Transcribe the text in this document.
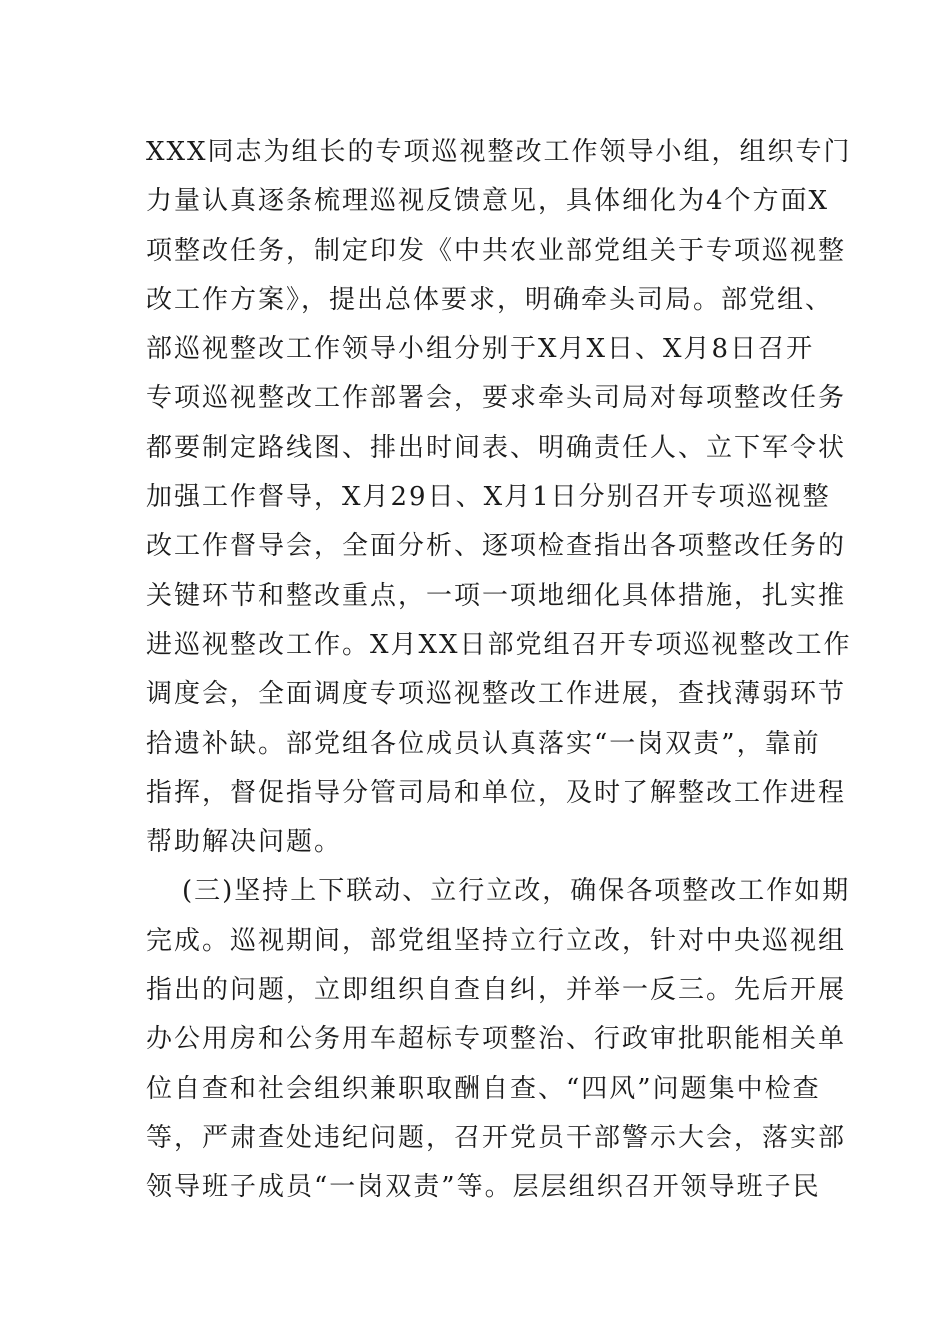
XXX同志为组长的专项巡视整改工作领导小组，组织专门
力量认真逐条梳理巡视反馈意见，具体细化为4个方面X
项整改任务，制定印发《中共农业部党组关于专项巡视整
改工作方案》，提出总体要求，明确牵头司局。部党组、
部巡视整改工作领导小组分别于X月X日、X月8日召开
专项巡视整改工作部署会，要求牵头司局对每项整改任务
都要制定路线图、排出时间表、明确责任人、立下军令状
加强工作督导，X月29日、X月1日分别召开专项巡视整
改工作督导会，全面分析、逐项检查指出各项整改任务的
关键环节和整改重点，一项一项地细化具体措施，扎实推
进巡视整改工作。X月XX日部党组召开专项巡视整改工作
调度会，全面调度专项巡视整改工作进展，查找薄弱环节
拾遗补缺。部党组各位成员认真落实“一岗双责”，靠前
指挥，督促指导分管司局和单位，及时了解整改工作进程
帮助解决问题。
(三)坚持上下联动、立行立改，确保各项整改工作如期
完成。巡视期间，部党组坚持立行立改，针对中央巡视组
指出的问题，立即组织自查自纠，并举一反三。先后开展
办公用房和公务用车超标专项整治、行政审批职能相关单
位自查和社会组织兼职取酬自查、“四风”问题集中检查
等，严肃查处违纪问题，召开党员干部警示大会，落实部
领导班子成员“一岗双责”等。层层组织召开领导班子民
